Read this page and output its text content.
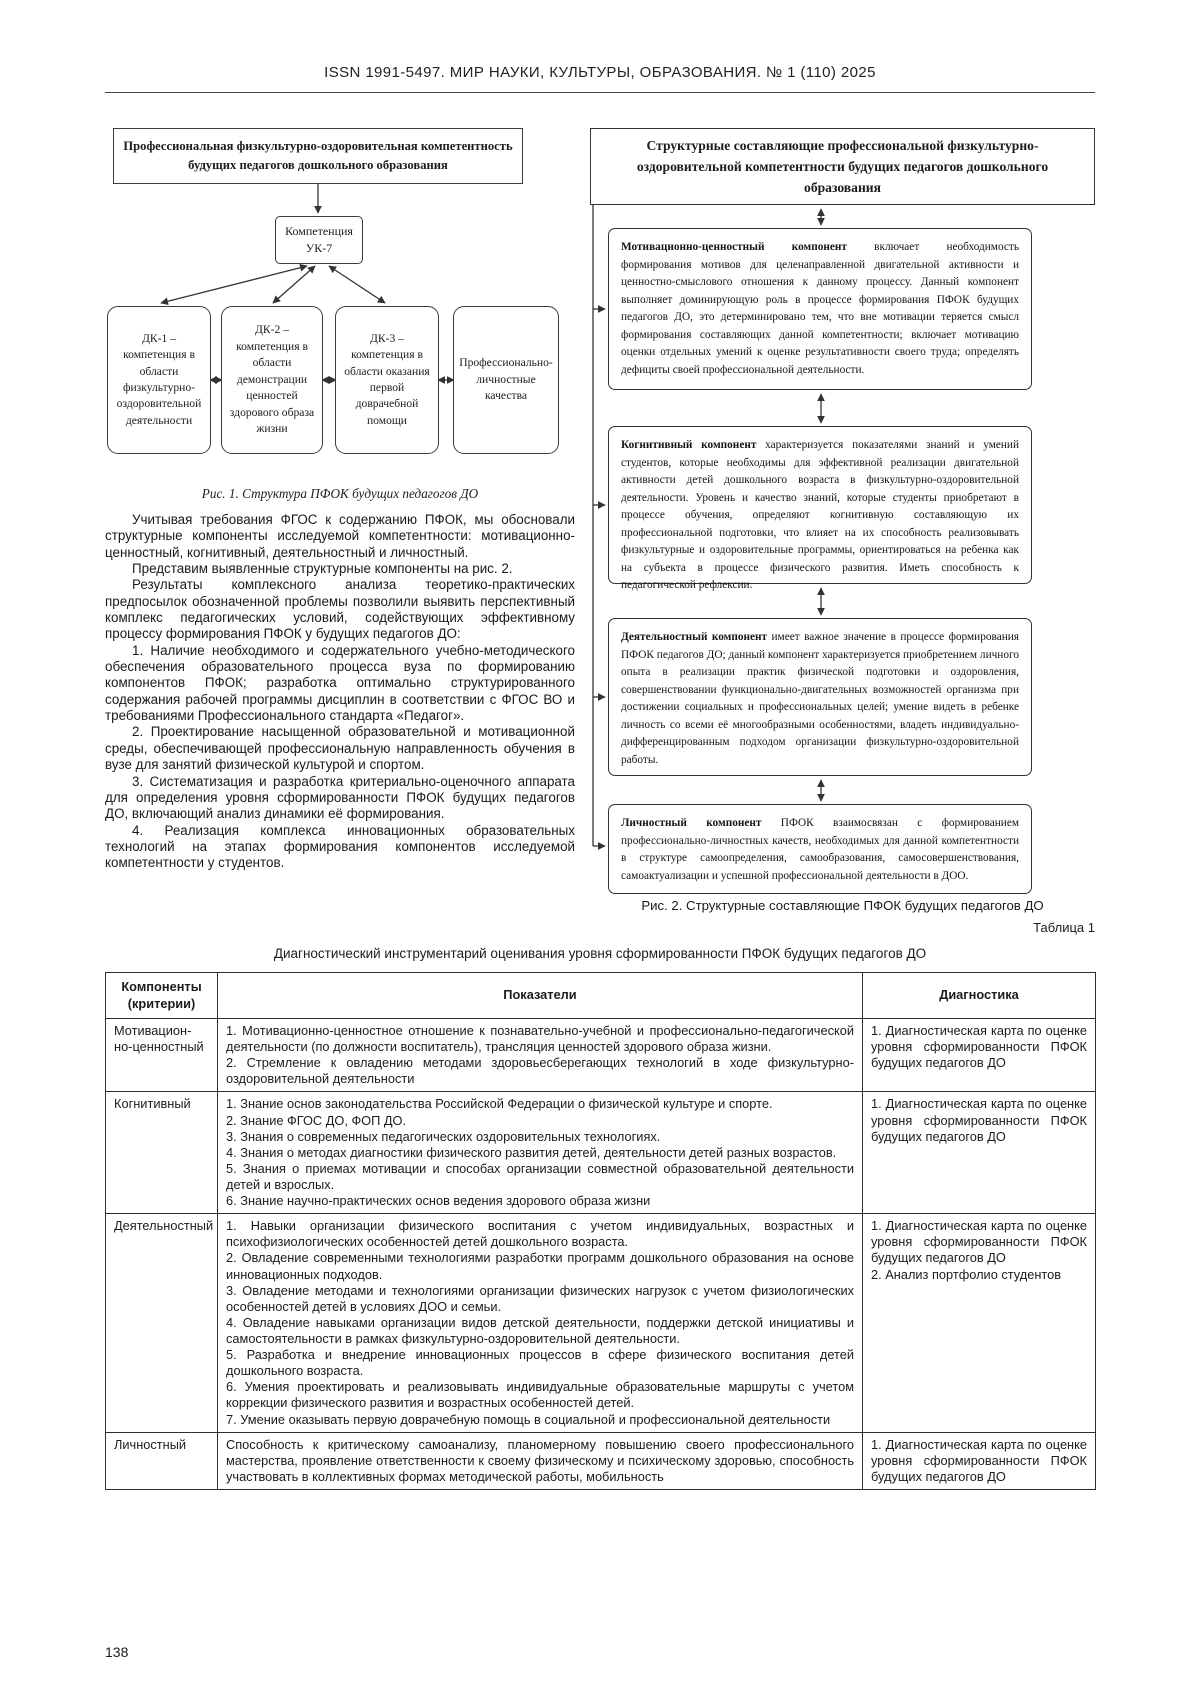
ISSN 1991-5497. МИР НАУКИ, КУЛЬТУРЫ, ОБРАЗОВАНИЯ. № 1 (110) 2025
Профессиональная физкультурно-оздоровительная компетентность будущих педагогов дошкольного образования
Компетенция УК-7
ДК-1 – компетенция в области физкультурно-оздоровительной деятельности
ДК-2 – компетенция в области демонстрации ценностей здорового образа жизни
ДК-3 – компетенция в области оказания первой доврачебной помощи
Профессионально-личностные качества
Рис. 1. Структура ПФОК будущих педагогов ДО

Учитывая требования ФГОС к содержанию ПФОК, мы обосновали структурные компоненты исследуемой компетентности: мотивационно-ценностный, когнитивный, деятельностный и личностный.

Представим выявленные структурные компоненты на рис. 2.

Результаты комплексного анализа теоретико-практических предпосылок обозначенной проблемы позволили выявить перспективный комплекс педагогических условий, содействующих эффективному процессу формирования ПФОК у будущих педагогов ДО:

1. Наличие необходимого и содержательного учебно-методического обеспечения образовательного процесса вуза по формированию компонентов ПФОК; разработка оптимально структурированного содержания рабочей программы дисциплин в соответствии с ФГОС ВО и требованиями Профессионального стандарта «Педагог».

2. Проектирование насыщенной образовательной и мотивационной среды, обеспечивающей профессиональную направленность обучения в вузе для занятий физической культурой и спортом.

3. Систематизация и разработка критериально-оценочного аппарата для определения уровня сформированности ПФОК будущих педагогов ДО, включающий анализ динамики её формирования.

4. Реализация комплекса инновационных образовательных технологий на этапах формирования компонентов исследуемой компетентности у студентов.

Структурные составляющие профессиональной физкультурно-оздоровительной компетентности будущих педагогов дошкольного образования
Мотивационно-ценностный компонент включает необходимость формирования мотивов для целенаправленной двигательной активности и ценностно-смыслового отношения к данному процессу. Данный компонент выполняет доминирующую роль в процессе формирования ПФОК будущих педагогов ДО, это детерминировано тем, что вне мотивации теряется смысл формирования составляющих данной компетентности; включает мотивацию оценки отдельных умений к оценке результативности своего труда; определять дефициты своей профессиональной деятельности.
Когнитивный компонент характеризуется показателями знаний и умений студентов, которые необходимы для эффективной реализации двигательной активности детей дошкольного возраста в физкультурно-оздоровительной деятельности. Уровень и качество знаний, которые студенты приобретают в процессе обучения, определяют когнитивную составляющую их профессиональной подготовки, что влияет на их способность реализовывать физкультурные и оздоровительные программы, ориентироваться на ребенка как на субъекта в процессе физического развития. Иметь способность к педагогической рефлексии.
Деятельностный компонент имеет важное значение в процессе формирования ПФОК педагогов ДО; данный компонент характеризуется приобретением личного опыта в реализации практик физической подготовки и оздоровления, совершенствовании функционально-двигательных возможностей организма при достижении социальных и профессиональных целей; умение видеть в ребенке личность со всеми её многообразными особенностями, владеть индивидуально-дифференцированным подходом организации физкультурно-оздоровительной работы.
Личностный компонент ПФОК взаимосвязан с формированием профессионально-личностных качеств, необходимых для данной компетентности в структуре самоопределения, самообразования, самосовершенствования, самоактуализации и успешной профессиональной деятельности в ДОО.
Рис. 2. Структурные составляющие ПФОК будущих педагогов ДО
Таблица 1
Диагностический инструментарий оценивания уровня сформированности ПФОК будущих педагогов ДО
Компоненты
(критерии)	Показатели	Диагностика
Мотивацион-но-ценностный	1. Мотивационно-ценностное отношение к познавательно-учебной и профессионально-педагогической деятельности (по должности воспитатель), трансляция ценностей здорового образа жизни.
2. Стремление к овладению методами здоровьесберегающих технологий в ходе физкультурно-оздоровительной деятельности	1. Диагностическая карта по оценке уровня сформированности ПФОК будущих педагогов ДО
Когнитивный	1. Знание основ законодательства Российской Федерации о физической культуре и спорте.
2. Знание ФГОС ДО, ФОП ДО.
3. Знания о современных педагогических оздоровительных технологиях.
4. Знания о методах диагностики физического развития детей, деятельности детей разных возрастов.
5. Знания о приемах мотивации и способах организации совместной образовательной деятельности детей и взрослых.
6. Знание научно-практических основ ведения здорового образа жизни	1. Диагностическая карта по оценке уровня сформированности ПФОК будущих педагогов ДО
Деятельностный	1. Навыки организации физического воспитания с учетом индивидуальных, возрастных и психофизиологических особенностей детей дошкольного возраста.
2. Овладение современными технологиями разработки программ дошкольного образования на основе инновационных подходов.
3. Овладение методами и технологиями организации физических нагрузок с учетом физиологических особенностей детей в условиях ДОО и семьи.
4. Овладение навыками организации видов детской деятельности, поддержки детской инициативы и самостоятельности в рамках физкультурно-оздоровительной деятельности.
5. Разработка и внедрение инновационных процессов в сфере физического воспитания детей дошкольного возраста.
6. Умения проектировать и реализовывать индивидуальные образовательные маршруты с учетом коррекции физического развития и возрастных особенностей детей.
7. Умение оказывать первую доврачебную помощь в социальной и профессиональной деятельности	1. Диагностическая карта по оценке уровня сформированности ПФОК будущих педагогов ДО
2. Анализ портфолио студентов
Личностный	Способность к критическому самоанализу, планомерному повышению своего профессионального мастерства, проявление ответственности к своему физическому и психическому здоровью, способность участвовать в коллективных формах методической работы, мобильность	1. Диагностическая карта по оценке уровня сформированности ПФОК будущих педагогов ДО
138
